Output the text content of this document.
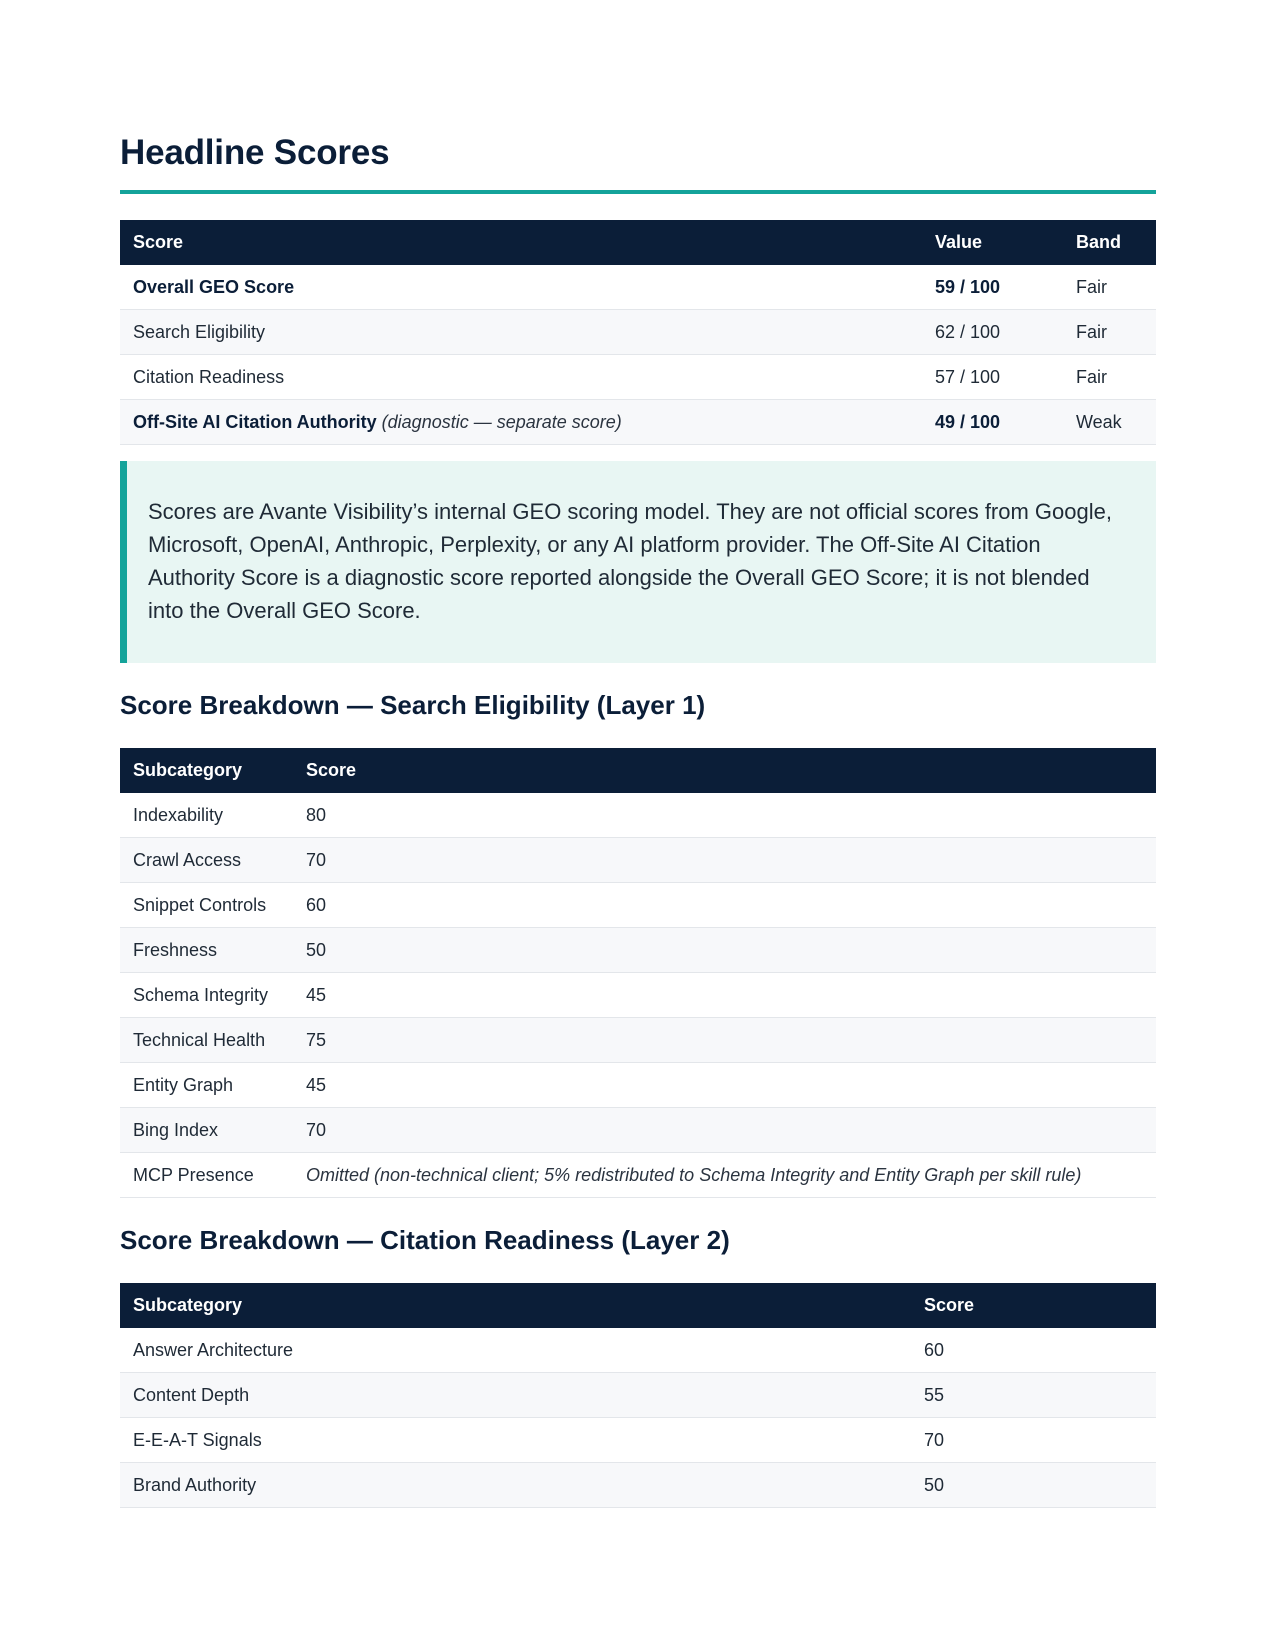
Headline Scores
Score	Value	Band
Overall GEO Score	59 / 100	Fair
Search Eligibility	62 / 100	Fair
Citation Readiness	57 / 100	Fair
Off-Site AI Citation Authority (diagnostic — separate score)	49 / 100	Weak
Scores are Avante Visibility’s internal GEO scoring model. They are not official scores from Google, Microsoft, OpenAI, Anthropic, Perplexity, or any AI platform provider. The Off-Site AI Citation Authority Score is a diagnostic score reported alongside the Overall GEO Score; it is not blended into the Overall GEO Score.
Score Breakdown — Search Eligibility (Layer 1)
Subcategory	Score
Indexability	80
Crawl Access	70
Snippet Controls	60
Freshness	50
Schema Integrity	45
Technical Health	75
Entity Graph	45
Bing Index	70
MCP Presence	Omitted (non-technical client; 5% redistributed to Schema Integrity and Entity Graph per skill rule)
Score Breakdown — Citation Readiness (Layer 2)
Subcategory	Score
Answer Architecture	60
Content Depth	55
E-E-A-T Signals	70
Brand Authority	50
